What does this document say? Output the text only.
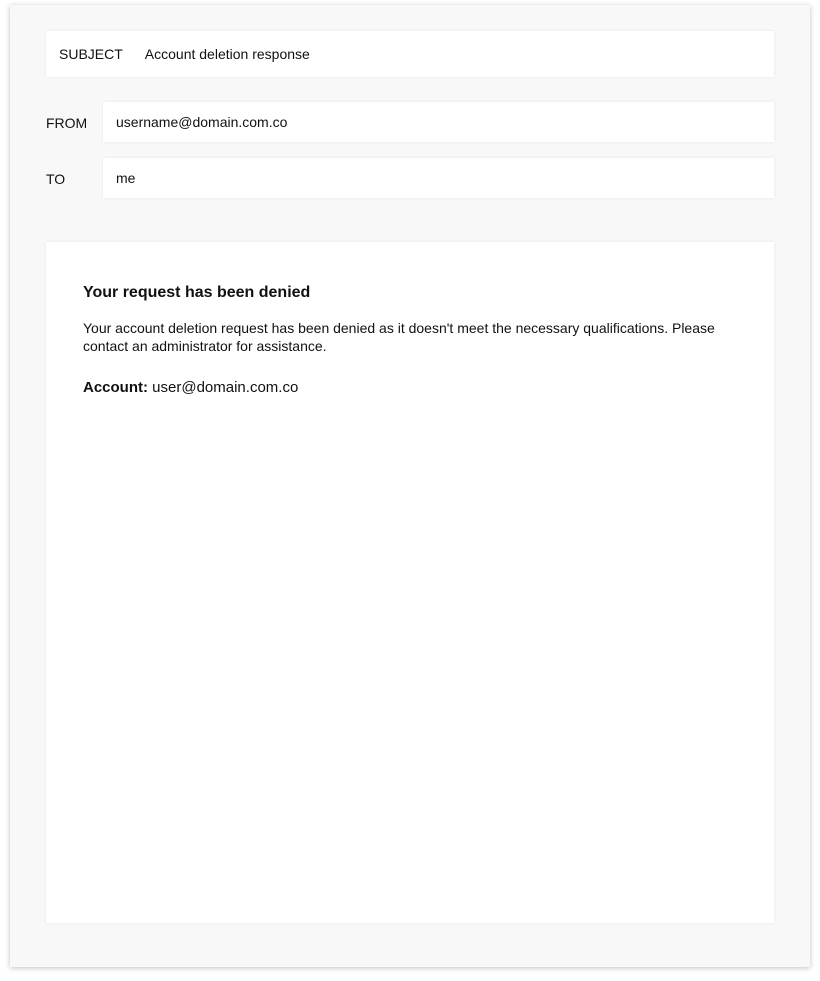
SUBJECT Account deletion response
FROM username@domain.com.co
TO	me
Your request has been denied

Your account deletion request has been denied as it doesn't meet the necessary qualifications. Please contact an administrator for assistance.

Account: user@domain.com.co
